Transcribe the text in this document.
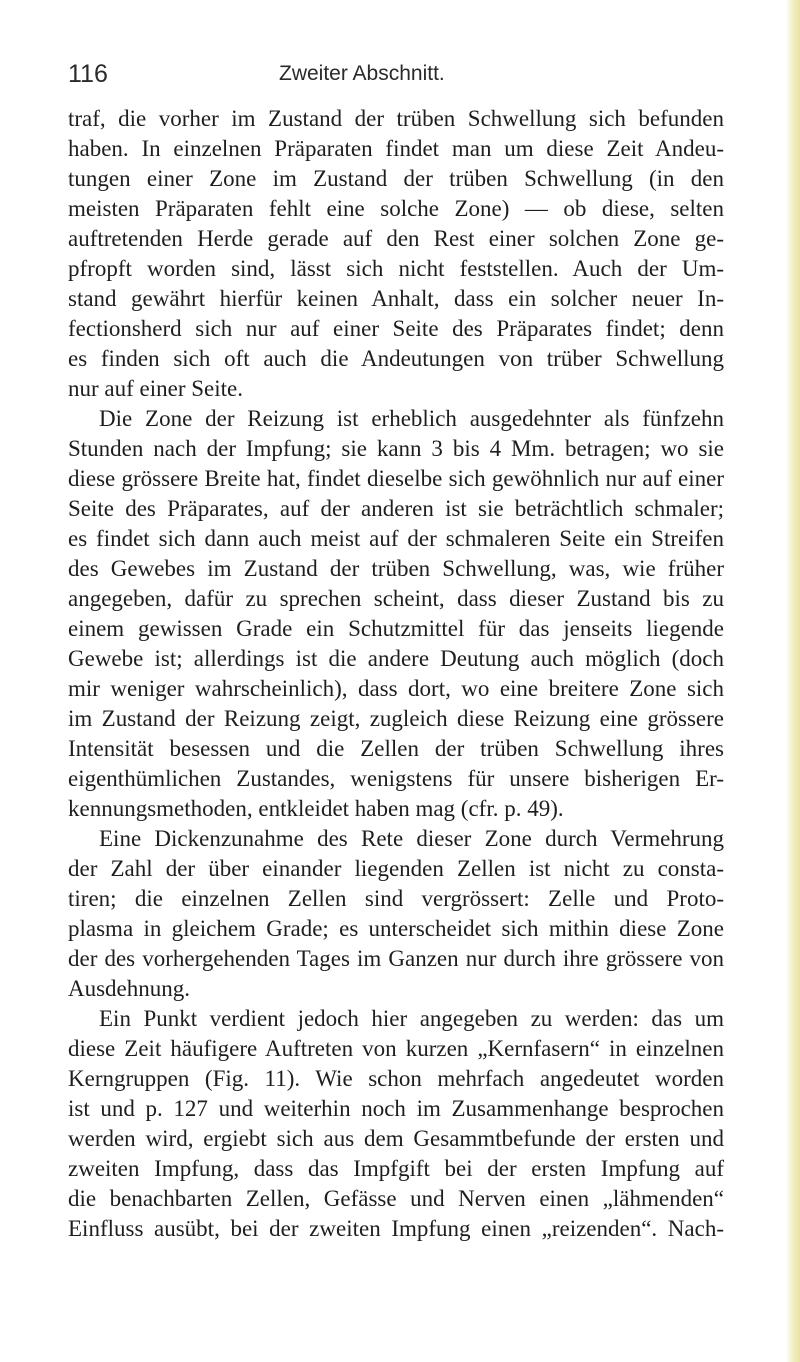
116	Zweiter Abschnitt.
traf, die vorher im Zustand der trüben Schwellung sich befunden
haben. In einzelnen Präparaten findet man um diese Zeit Andeu-
tungen einer Zone im Zustand der trüben Schwellung (in den
meisten Präparaten fehlt eine solche Zone) — ob diese, selten
auftretenden Herde gerade auf den Rest einer solchen Zone ge-
pfropft worden sind, lässt sich nicht feststellen. Auch der Um-
stand gewährt hierfür keinen Anhalt, dass ein solcher neuer In-
fectionsherd sich nur auf einer Seite des Präparates findet; denn
es finden sich oft auch die Andeutungen von trüber Schwellung
nur auf einer Seite.
Die Zone der Reizung ist erheblich ausgedehnter als fünfzehn
Stunden nach der Impfung; sie kann 3 bis 4 Mm. betragen; wo sie
diese grössere Breite hat, findet dieselbe sich gewöhnlich nur auf einer
Seite des Präparates, auf der anderen ist sie beträchtlich schmaler;
es findet sich dann auch meist auf der schmaleren Seite ein Streifen
des Gewebes im Zustand der trüben Schwellung, was, wie früher
angegeben, dafür zu sprechen scheint, dass dieser Zustand bis zu
einem gewissen Grade ein Schutzmittel für das jenseits liegende
Gewebe ist; allerdings ist die andere Deutung auch möglich (doch
mir weniger wahrscheinlich), dass dort, wo eine breitere Zone sich
im Zustand der Reizung zeigt, zugleich diese Reizung eine grössere
Intensität besessen und die Zellen der trüben Schwellung ihres
eigenthümlichen Zustandes, wenigstens für unsere bisherigen Er-
kennungsmethoden, entkleidet haben mag (cfr. p. 49).
Eine Dickenzunahme des Rete dieser Zone durch Vermehrung
der Zahl der über einander liegenden Zellen ist nicht zu consta-
tiren; die einzelnen Zellen sind vergrössert: Zelle und Proto-
plasma in gleichem Grade; es unterscheidet sich mithin diese Zone
der des vorhergehenden Tages im Ganzen nur durch ihre grössere von
Ausdehnung.
Ein Punkt verdient jedoch hier angegeben zu werden: das um
diese Zeit häufigere Auftreten von kurzen „Kernfasern“ in einzelnen
Kerngruppen (Fig. 11). Wie schon mehrfach angedeutet worden
ist und p. 127 und weiterhin noch im Zusammenhange besprochen
werden wird, ergiebt sich aus dem Gesammtbefunde der ersten und
zweiten Impfung, dass das Impfgift bei der ersten Impfung auf
die benachbarten Zellen, Gefässe und Nerven einen „lähmenden“
Einfluss ausübt, bei der zweiten Impfung einen „reizenden“. Nach-
